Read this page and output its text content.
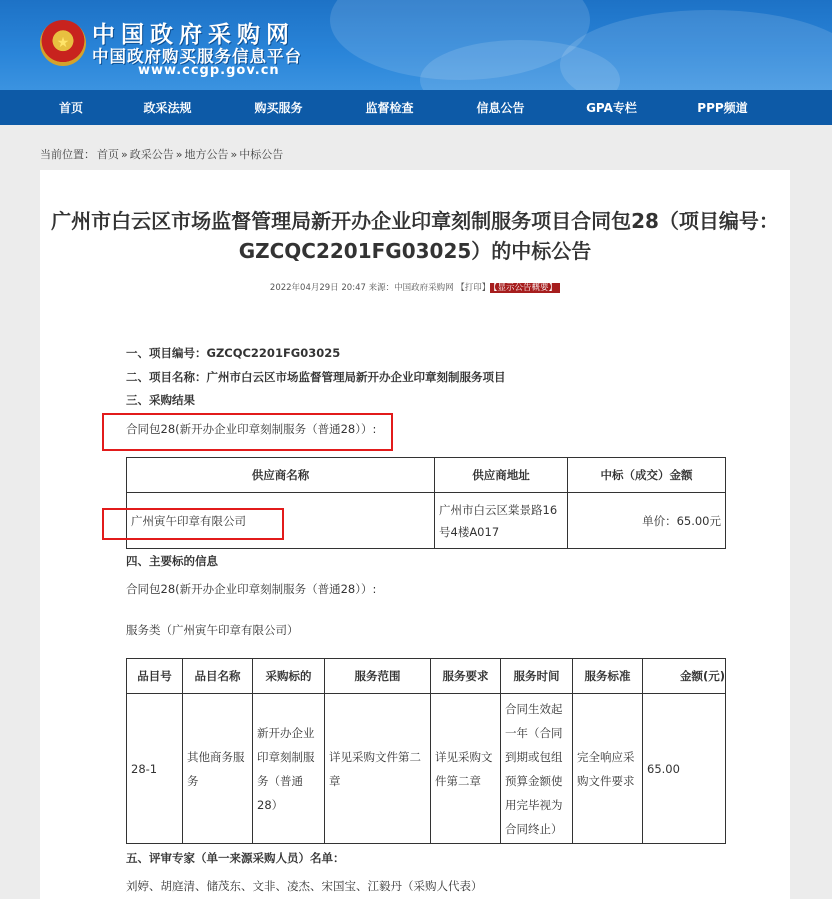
★ 中国政府采购网
中国政府购买服务信息平台
www.ccgp.gov.cn
首页	政采法规	购买服务	监督检查	信息公告	GPA专栏	PPP频道
当前位置： 首页 » 政采公告 » 地方公告 » 中标公告
广州市白云区市场监督管理局新开办企业印章刻制服务项目合同包28（项目编号：
GZCQC2201FG03025）的中标公告
2022年04月29日 20:47 来源：中国政府采购网 【打印】 【显示公告概要】
一、项目编号：GZCQC2201FG03025
二、项目名称：广州市白云区市场监督管理局新开办企业印章刻制服务项目
三、采购结果
合同包28(新开办企业印章刻制服务（普通28））:
供应商名称	供应商地址	中标（成交）金额
广州寅午印章有限公司	广州市白云区棠景路16号4楼A017	单价：65.00元
四、主要标的信息
合同包28(新开办企业印章刻制服务（普通28））:
服务类（广州寅午印章有限公司）
品目号	品目名称	采购标的	服务范围	服务要求	服务时间	服务标准	金额(元)
28-1	其他商务服务	新开办企业印章刻制服务（普通28）	详见采购文件第二章	详见采购文件第二章	合同生效起一年（合同到期或包组预算金额使用完毕视为合同终止）	完全响应采购文件要求	65.00
五、评审专家（单一来源采购人员）名单：
刘婷、胡庭清、储茂东、文非、凌杰、宋国宝、江毅丹（采购人代表）
